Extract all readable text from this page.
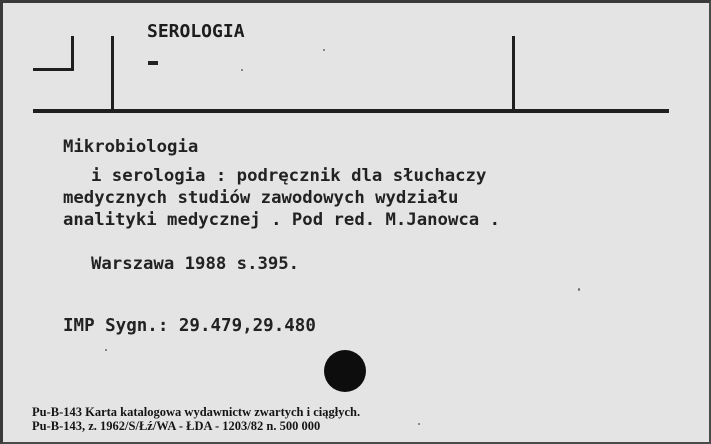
SEROLOGIA
Mikrobiologia
i serologia : podręcznik dla słuchaczy
medycznych studiów zawodowych wydziału
analityki medycznej . Pod red. M.Janowca .
Warszawa 1988 s.395.
IMP Sygn.: 29.479,29.480
Pu-B-143 Karta katalogowa wydawnictw zwartych i ciągłych.
Pu-B-143, z. 1962/S/Łź/WA - ŁDA - 1203/82 n. 500 000
